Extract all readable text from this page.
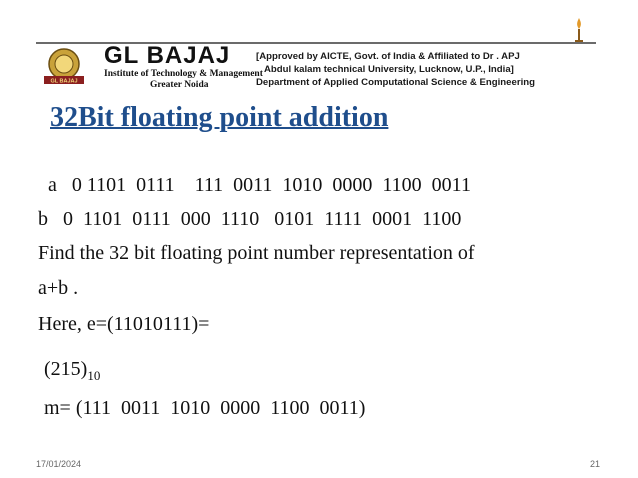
GL BAJAJ
GL BAJAJ
Institute of Technology & Management
Greater Noida
[Approved by AICTE, Govt. of India & Affiliated to Dr . APJ
Abdul kalam technical University, Lucknow, U.P., India]
Department of Applied Computational Science & Engineering
32Bit floating point addition
a   0 1101  0111    111  0011  1010  0000  1100  0011
b   0  1101  0111  000  1110   0101  1111  0001  1100
Find the 32 bit floating point number representation of
a+b .
Here, e=(11010111)=
$(215)_{10}$
m= (111  0011  1010  0000  1100  0011)
17/01/2024	21
